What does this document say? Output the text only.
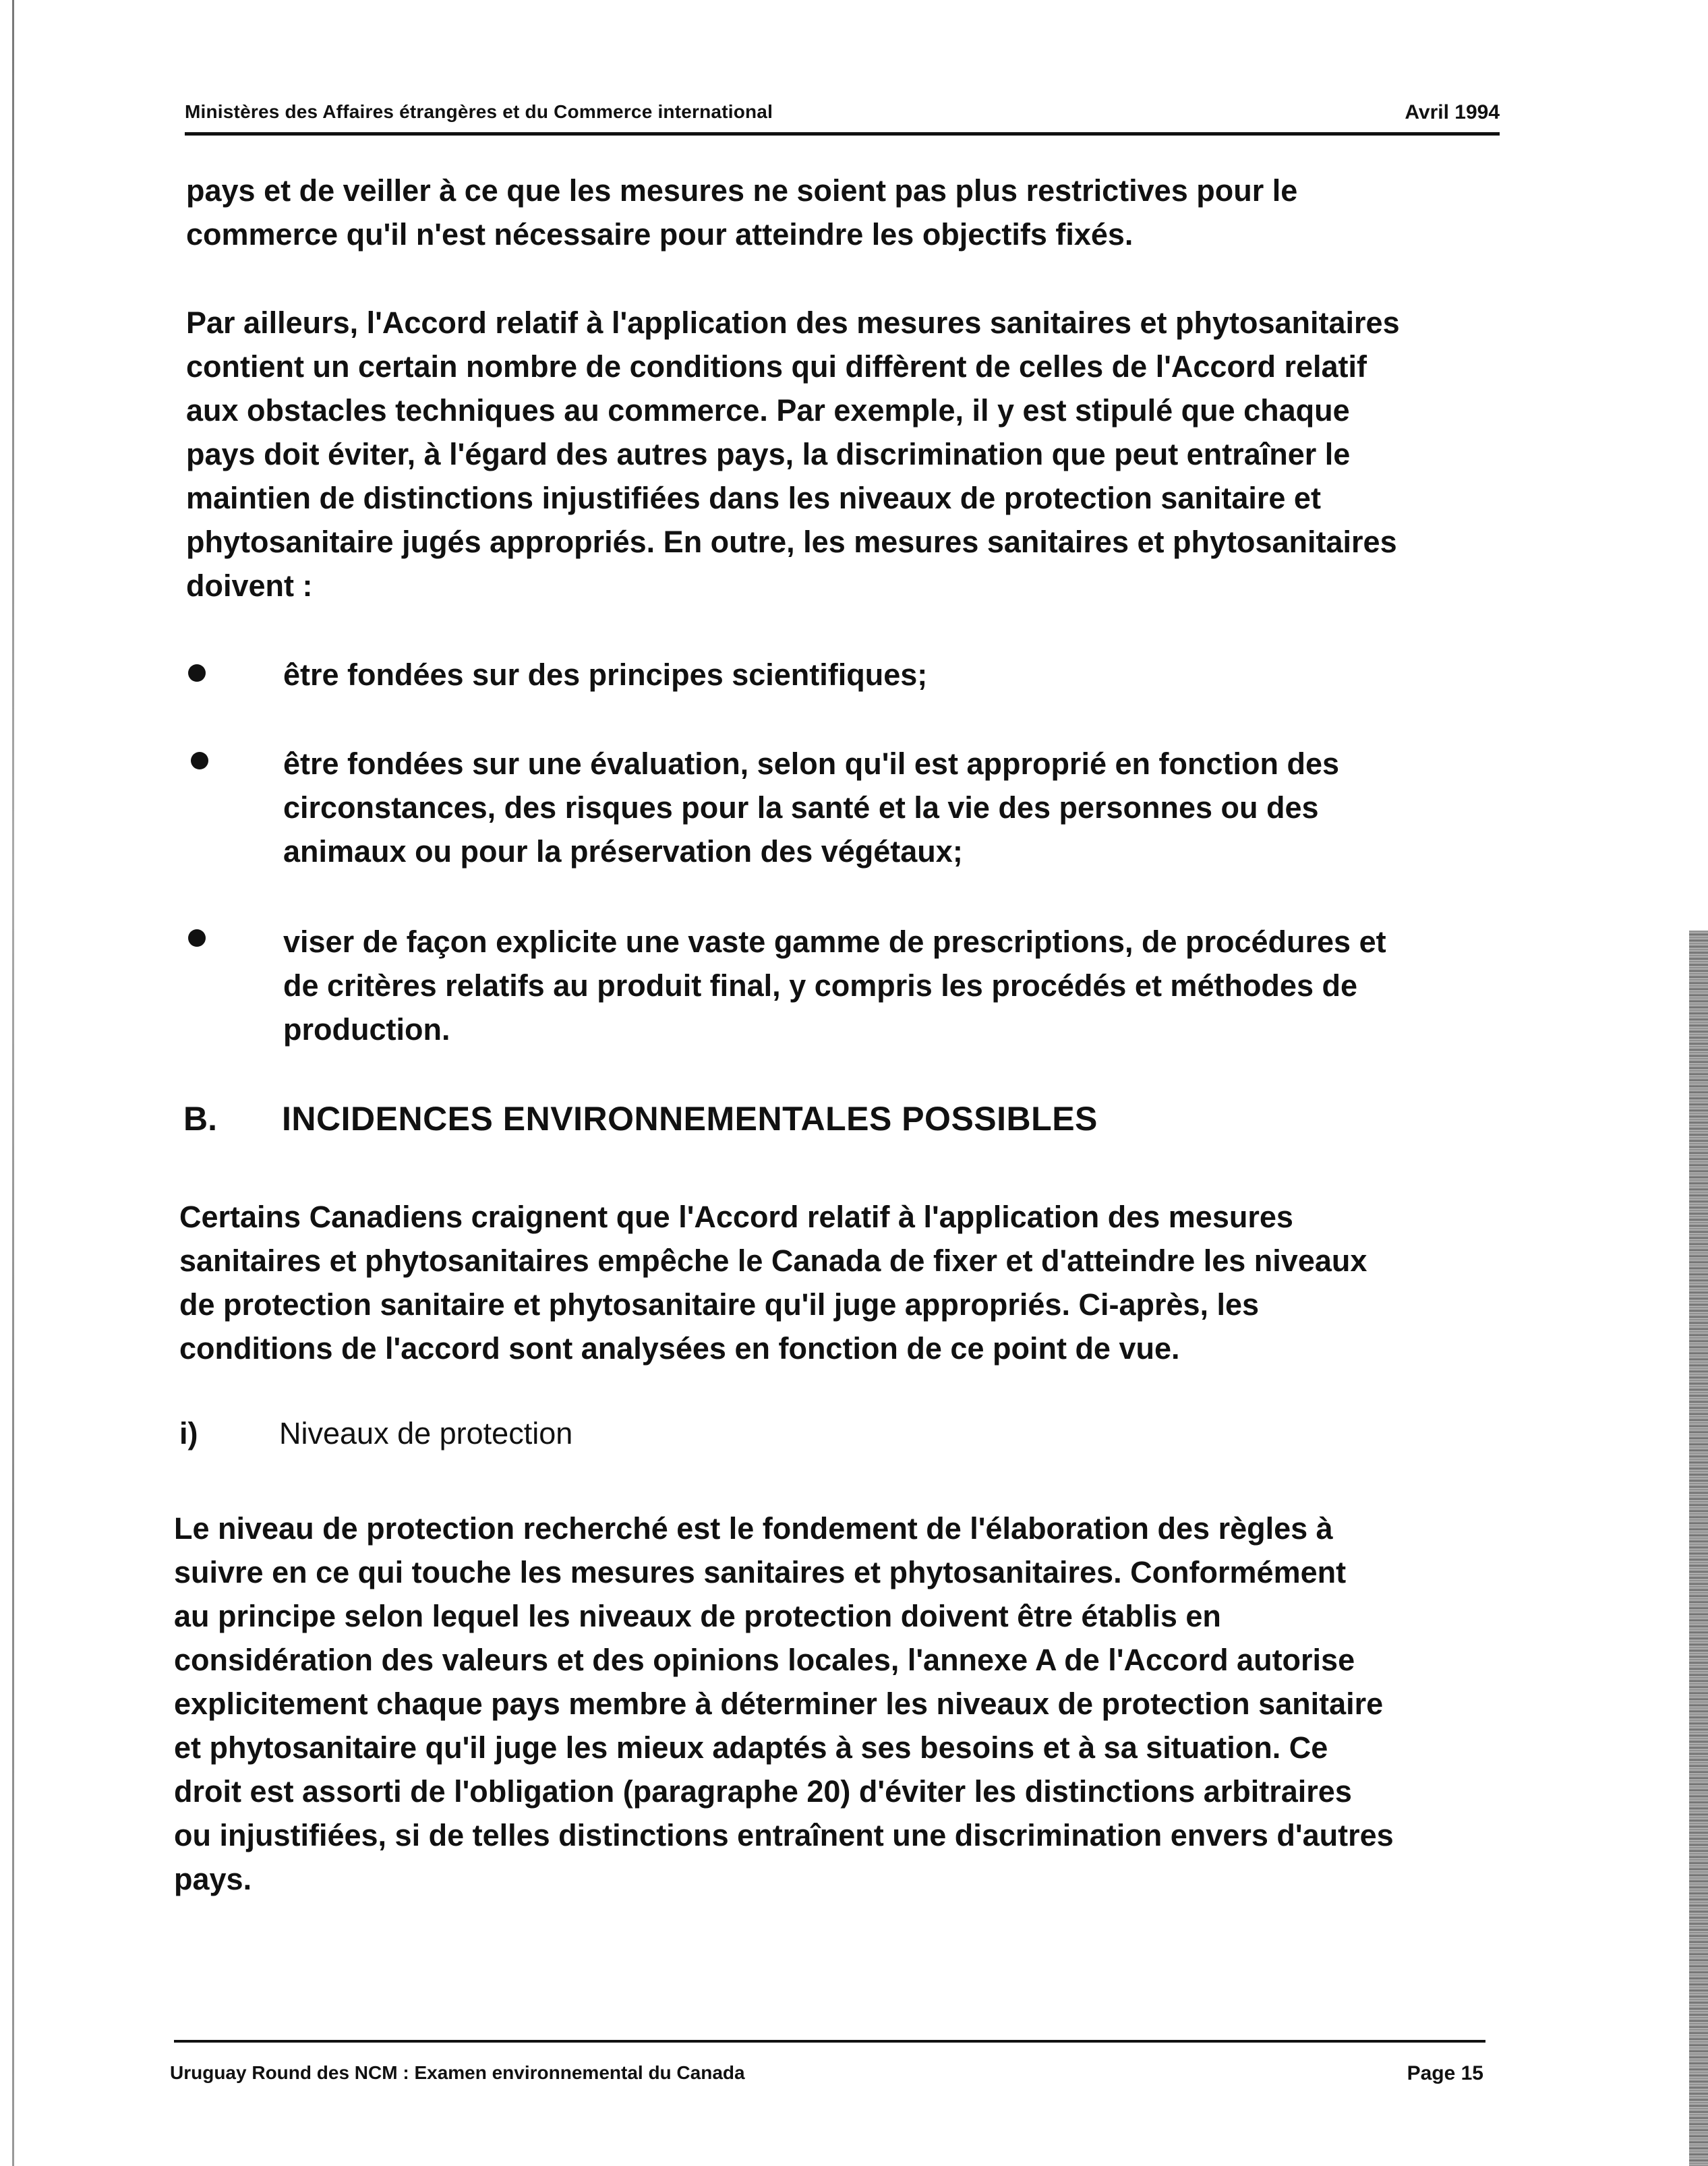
Ministères des Affaires étrangères et du Commerce international	Avril 1994

pays et de veiller à ce que les mesures ne soient pas plus restrictives pour le

commerce qu'il n'est nécessaire pour atteindre les objectifs fixés.

Par ailleurs, l'Accord relatif à l'application des mesures sanitaires et phytosanitaires

contient un certain nombre de conditions qui diffèrent de celles de l'Accord relatif

aux obstacles techniques au commerce. Par exemple, il y est stipulé que chaque

pays doit éviter, à l'égard des autres pays, la discrimination que peut entraîner le

maintien de distinctions injustifiées dans les niveaux de protection sanitaire et

phytosanitaire jugés appropriés. En outre, les mesures sanitaires et phytosanitaires

doivent :

être fondées sur des principes scientifiques;

être fondées sur une évaluation, selon qu'il est approprié en fonction des

circonstances, des risques pour la santé et la vie des personnes ou des

animaux ou pour la préservation des végétaux;

viser de façon explicite une vaste gamme de prescriptions, de procédures et

de critères relatifs au produit final, y compris les procédés et méthodes de

production.

B. INCIDENCES ENVIRONNEMENTALES POSSIBLES

Certains Canadiens craignent que l'Accord relatif à l'application des mesures

sanitaires et phytosanitaires empêche le Canada de fixer et d'atteindre les niveaux

de protection sanitaire et phytosanitaire qu'il juge appropriés. Ci-après, les

conditions de l'accord sont analysées en fonction de ce point de vue.

i)	Niveaux de protection

Le niveau de protection recherché est le fondement de l'élaboration des règles à

suivre en ce qui touche les mesures sanitaires et phytosanitaires. Conformément

au principe selon lequel les niveaux de protection doivent être établis en

considération des valeurs et des opinions locales, l'annexe A de l'Accord autorise

explicitement chaque pays membre à déterminer les niveaux de protection sanitaire

et phytosanitaire qu'il juge les mieux adaptés à ses besoins et à sa situation. Ce

droit est assorti de l'obligation (paragraphe 20) d'éviter les distinctions arbitraires

ou injustifiées, si de telles distinctions entraînent une discrimination envers d'autres

pays.

Uruguay Round des NCM : Examen environnemental du Canada	Page 15
